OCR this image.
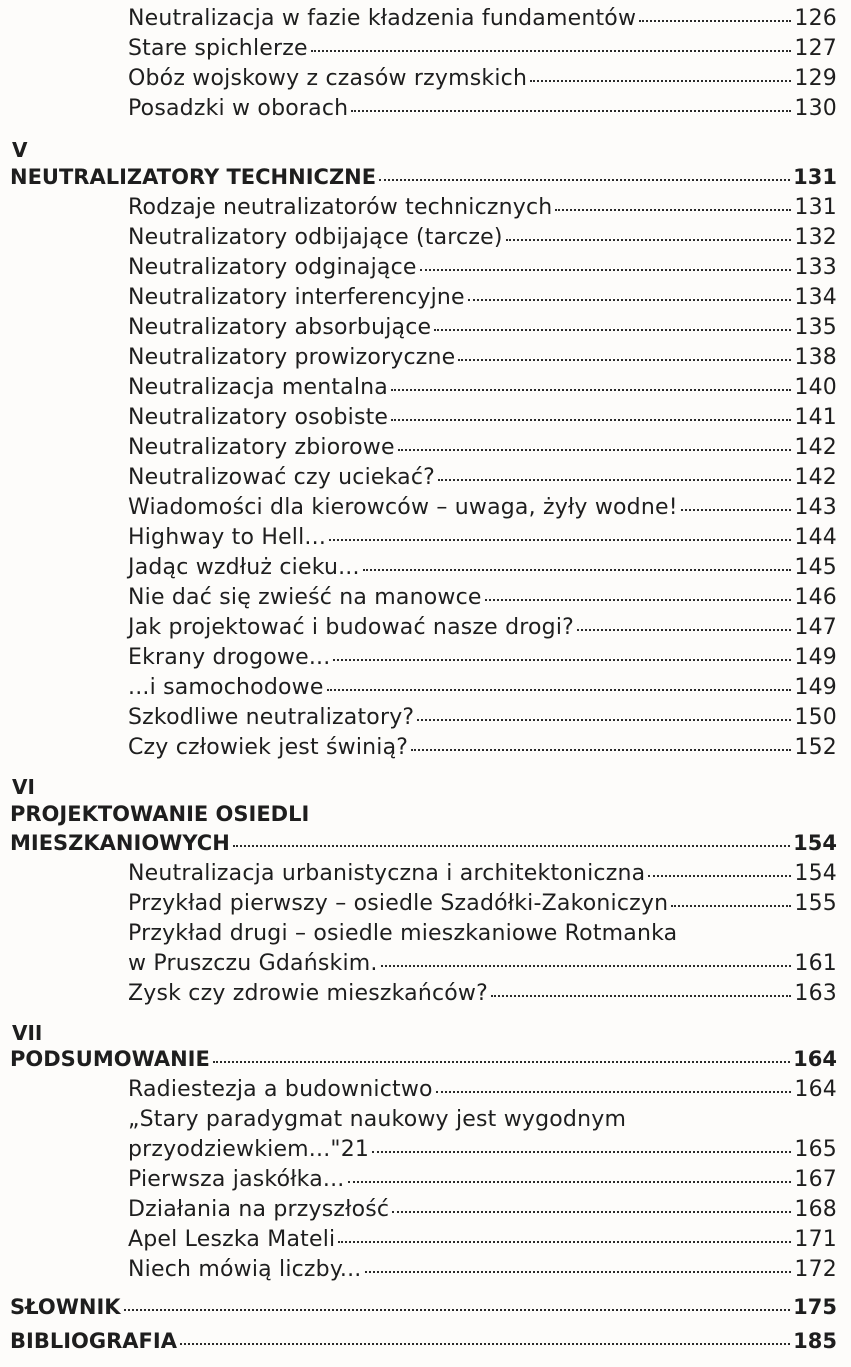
Neutralizacja w fazie kładzenia fundamentów	126
Stare spichlerze	127
Obóz wojskowy z czasów rzymskich	129
Posadzki w oborach	130
V
NEUTRALIZATORY TECHNICZNE	131
Rodzaje neutralizatorów technicznych	131
Neutralizatory odbijające (tarcze)	132
Neutralizatory odginające	133
Neutralizatory interferencyjne	134
Neutralizatory absorbujące	135
Neutralizatory prowizoryczne	138
Neutralizacja mentalna	140
Neutralizatory osobiste	141
Neutralizatory zbiorowe	142
Neutralizować czy uciekać?	142
Wiadomości dla kierowców – uwaga, żyły wodne!	143
Highway to Hell...	144
Jadąc wzdłuż cieku...	145
Nie dać się zwieść na manowce	146
Jak projektować i budować nasze drogi?	147
Ekrany drogowe...	149
...i samochodowe	149
Szkodliwe neutralizatory?	150
Czy człowiek jest świnią?	152
VI
PROJEKTOWANIE OSIEDLI
MIESZKANIOWYCH	154
Neutralizacja urbanistyczna i architektoniczna	154
Przykład pierwszy – osiedle Szadółki-Zakoniczyn	155
Przykład drugi – osiedle mieszkaniowe Rotmanka
w Pruszczu Gdańskim.	161
Zysk czy zdrowie mieszkańców?	163
VII
PODSUMOWANIE	164
Radiestezja a budownictwo	164
„Stary paradygmat naukowy jest wygodnym
przyodziewkiem..."21	165
Pierwsza jaskółka...	167
Działania na przyszłość	168
Apel Leszka Mateli	171
Niech mówią liczby...	172
SŁOWNIK	175
BIBLIOGRAFIA	185
